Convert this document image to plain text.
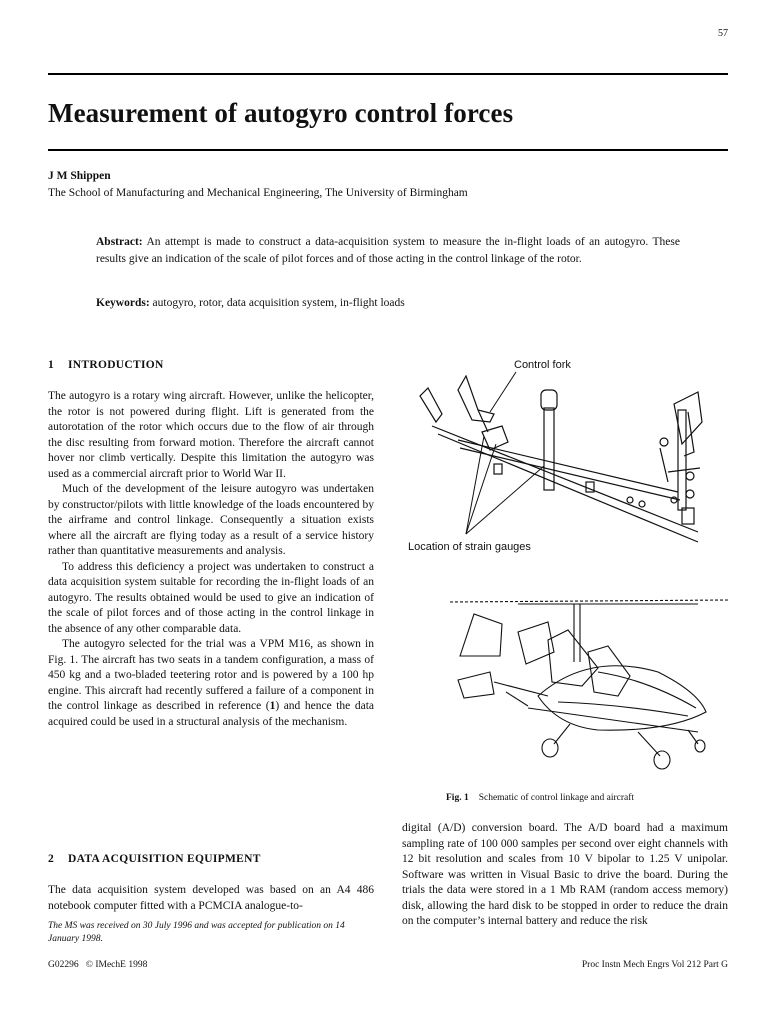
57
Measurement of autogyro control forces
J M Shippen
The School of Manufacturing and Mechanical Engineering, The University of Birmingham
Abstract: An attempt is made to construct a data-acquisition system to measure the in-flight loads of an autogyro. These results give an indication of the scale of pilot forces and of those acting in the control linkage of the rotor.
Keywords: autogyro, rotor, data acquisition system, in-flight loads
1 INTRODUCTION

The autogyro is a rotary wing aircraft. However, unlike the helicopter, the rotor is not powered during flight. Lift is generated from the autorotation of the rotor which occurs due to the flow of air through the disc resulting from forward motion. Therefore the aircraft cannot hover nor climb vertically. Despite this limitation the autogyro was used as a commercial aircraft prior to World War II.

Much of the development of the leisure autogyro was undertaken by constructor/pilots with little knowledge of the loads encountered by the airframe and control linkage. Consequently a situation exists where all the aircraft are flying today as a result of a service history rather than quantitative measurements and analysis.

To address this deficiency a project was undertaken to construct a data acquisition system suitable for recording the in-flight loads of an autogyro. The results obtained would be used to give an indication of the scale of pilot forces and of those acting in the control linkage in the absence of any other comparable data.

The autogyro selected for the trial was a VPM M16, as shown in Fig. 1. The aircraft has two seats in a tandem configuration, a mass of 450 kg and a two-bladed teetering rotor and is powered by a 100 hp engine. This aircraft had recently suffered a failure of a component in the control linkage as described in reference (1) and hence the data acquired could be used in a structural analysis of the mechanism.

2 DATA ACQUISITION EQUIPMENT

The data acquisition system developed was based on an A4 486 notebook computer fitted with a PCMCIA analogue-to-

The MS was received on 30 July 1996 and was accepted for publication on 14 January 1998.
Control fork
Location of strain gauges
Fig. 1 Schematic of control linkage and aircraft

digital (A/D) conversion board. The A/D board had a maximum sampling rate of 100 000 samples per second over eight channels with 12 bit resolution and scales from 10 V bipolar to 1.25 V unipolar. Software was written in Visual Basic to drive the board. During the trials the data were stored in a 1 Mb RAM (random access memory) disk, allowing the hard disk to be stopped in order to reduce the drain on the computer’s internal battery and reduce the risk

G02296 © IMechE 1998	Proc Instn Mech Engrs Vol 212 Part G
